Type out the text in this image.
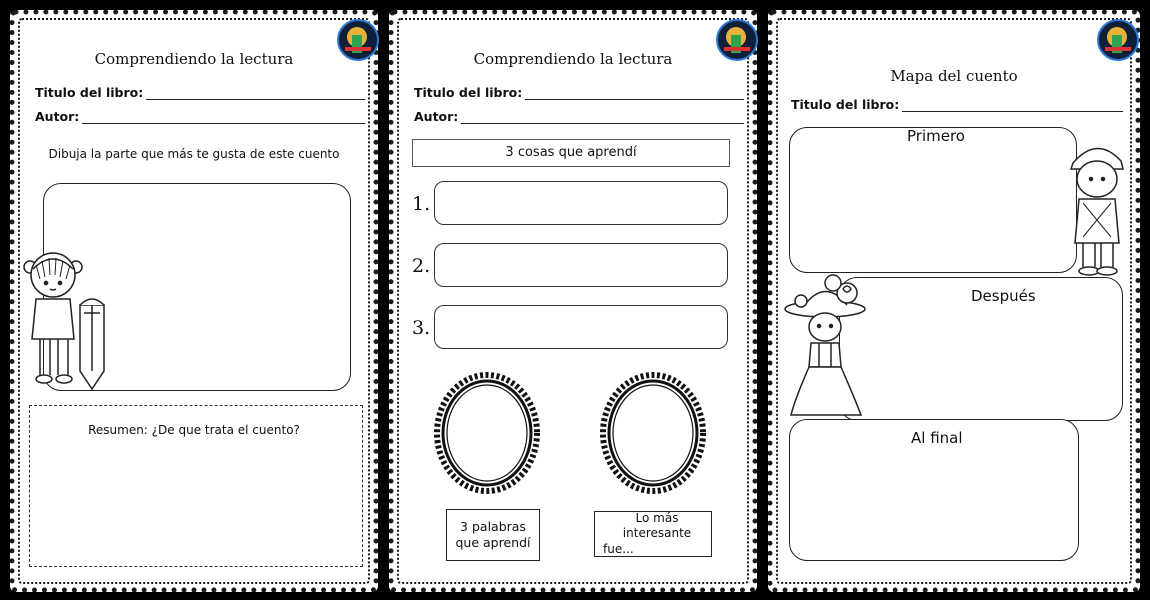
Comprendiendo la lectura
Titulo del libro:
Autor:
Dibuja la parte que más te gusta de este cuento
Resumen: ¿De que trata el cuento?
Comprendiendo la lectura
Titulo del libro:
Autor:
3 cosas que aprendí
1.
2.
3.
3 palabras
que aprendí
Lo más interesante
fue...
Mapa del cuento
Titulo del libro:
Primero
Después
Al final
